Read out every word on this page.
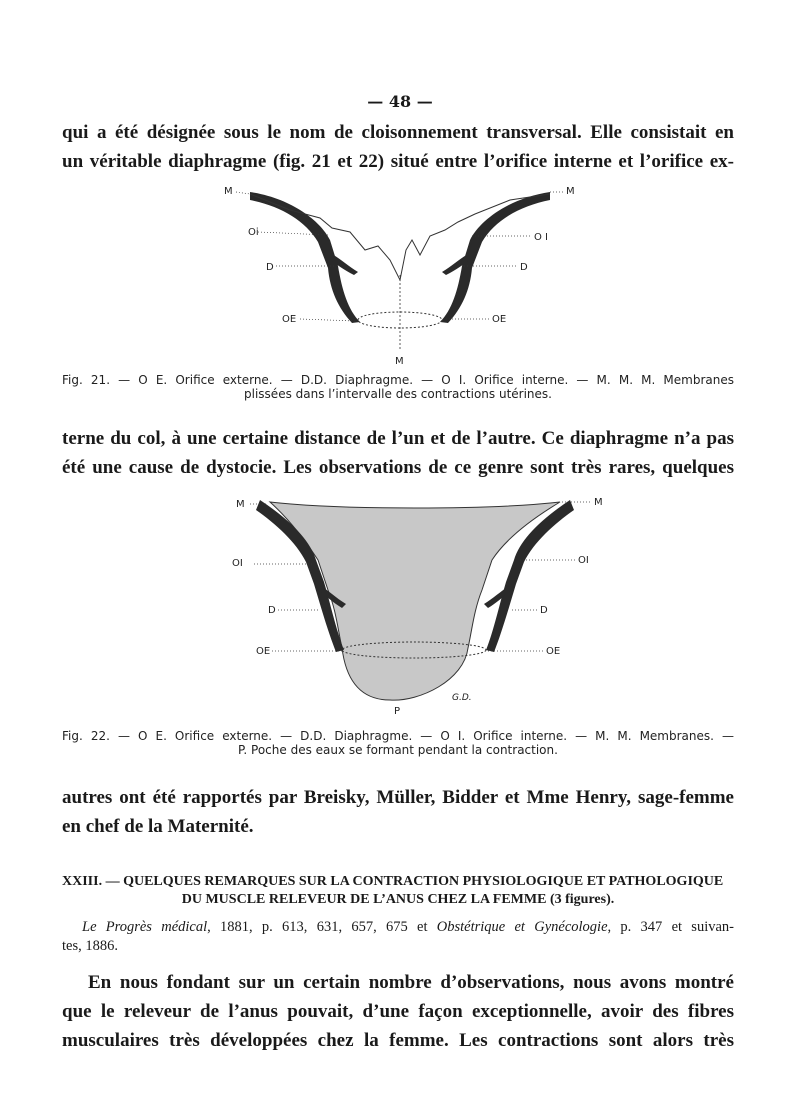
— 48 —
qui a été désignée sous le nom de cloisonnement transversal. Elle consistait en
un véritable diaphragme (fig. 21 et 22) situé entre l’orifice interne et l’orifice ex-
M	M
Oi	O I
D	D
OE	OE
M
Fig. 21. — O E. Orifice externe. — D.D. Diaphragme. — O I. Orifice interne. — M. M. M. Membranes
plissées dans l’intervalle des contractions utérines.
terne du col, à une certaine distance de l’un et de l’autre. Ce diaphragme n’a pas
été une cause de dystocie. Les observations de ce genre sont très rares, quelques
M	M
OI	OI
D	D
OE	OE
P
G.D.
Fig. 22. — O E. Orifice externe. — D.D. Diaphragme. — O I. Orifice interne. — M. M. Membranes. —
P. Poche des eaux se formant pendant la contraction.
autres ont été rapportés par Breisky, Müller, Bidder et Mme Henry, sage-femme
en chef de la Maternité.
XXIII. — QUELQUES REMARQUES SUR LA CONTRACTION PHYSIOLOGIQUE ET PATHOLOGIQUE
DU MUSCLE RELEVEUR DE L’ANUS CHEZ LA FEMME (3 figures).
Le Progrès médical, 1881, p. 613, 631, 657, 675 et Obstétrique et Gynécologie, p. 347 et suivan-
tes, 1886.
En nous fondant sur un certain nombre d’observations, nous avons montré
que le releveur de l’anus pouvait, d’une façon exceptionnelle, avoir des fibres
musculaires très développées chez la femme. Les contractions sont alors très
